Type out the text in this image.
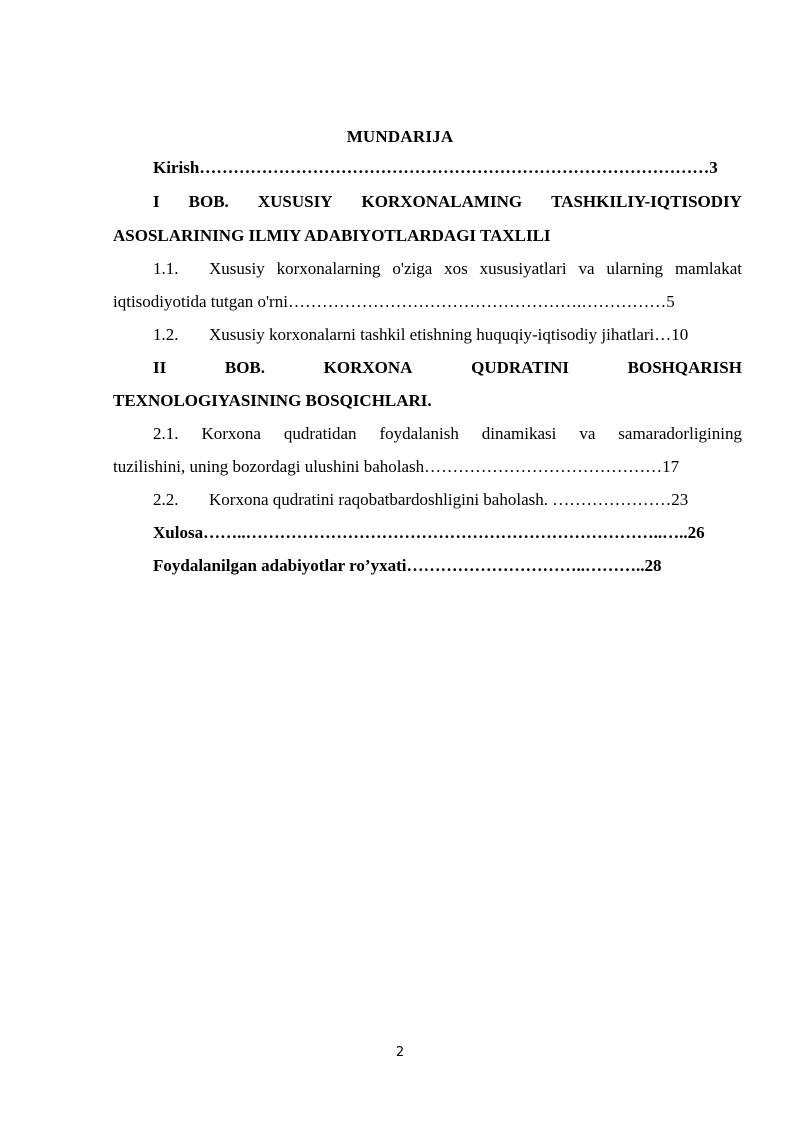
MUNDARIJA
Kirish………………………………………………………………………………3
I BOB. XUSUSIY KORXONALAMING TASHKILIY-IQTISODIY
ASOSLARINING ILMIY ADABIYOTLARDAGI TAXLILI
1.1.	Xususiy korxonalarning o'ziga xos xususiyatlari va ularning mamlakat
iqtisodiyotida tutgan o'rni…………………………………………….……………5
1.2. Xususiy korxonalarni tashkil etishning huquqiy-iqtisodiy jihatlari…10
II	BOB.	KORXONA	QUDRATINI	BOSHQARISH
TEXNOLOGIYASINING BOSQICHLARI.
2.1. Korxona qudratidan foydalanish dinamikasi va samaradorligining
tuzilishini, uning bozordagi ulushini baholash……………………………………17
2.2. Korxona qudratini raqobatbardoshligini baholash. …………………23
Xulosa……..………………………………………………………………..…..26
Foydalanilgan adabiyotlar ro’yxati…………………………..………..28
2
